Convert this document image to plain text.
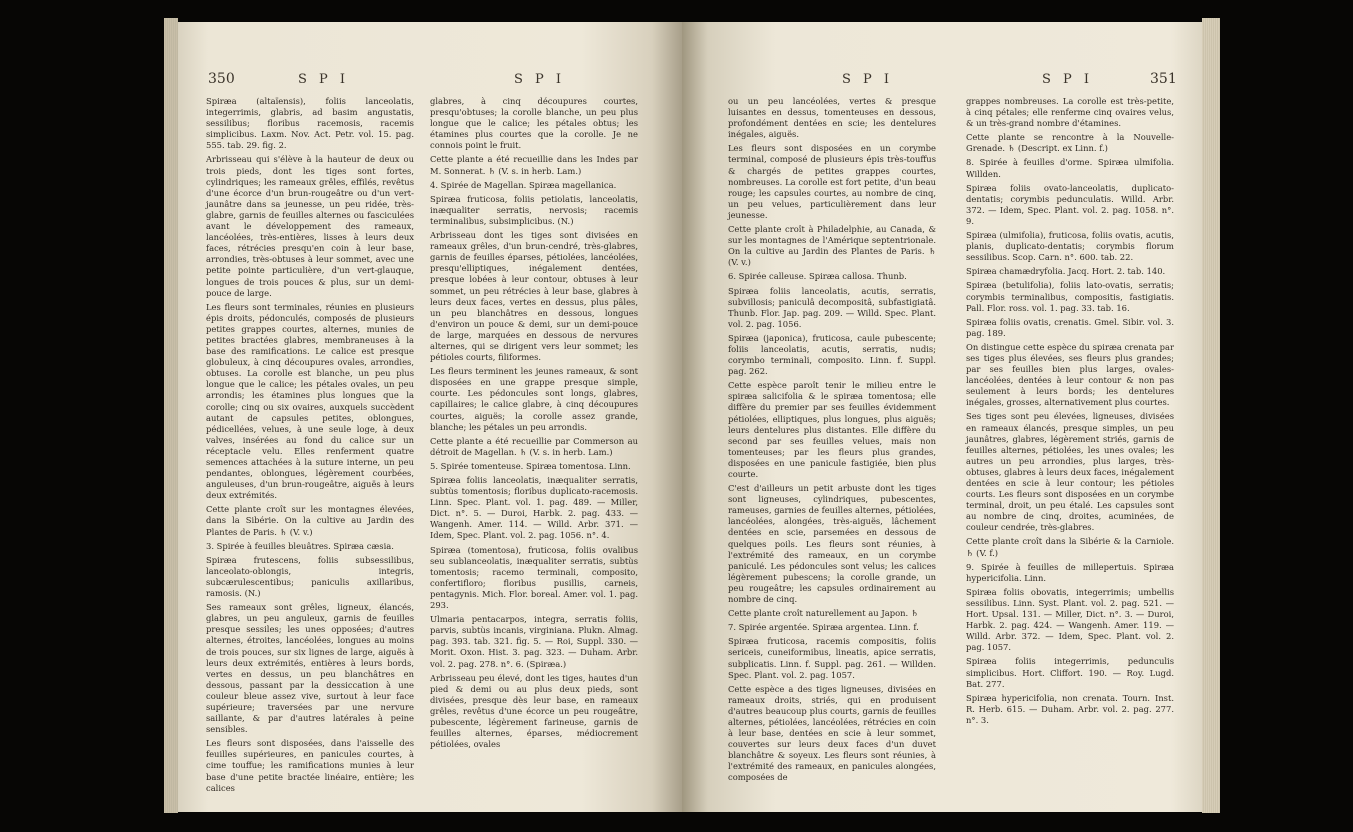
350	S P I	S P I

Spiræa (altaïensis), foliis lanceolatis, integerrimis, glabris, ad basim angustatis, sessilibus; floribus racemosis, racemis simplicibus. Laxm. Nov. Act. Petr. vol. 15. pag. 555. tab. 29. fig. 2.

Arbrisseau qui s'élève à la hauteur de deux ou trois pieds, dont les tiges sont fortes, cylindriques; les rameaux grêles, effilés, revêtus d'une écorce d'un brun-rougeâtre ou d'un vert-jaunâtre dans sa jeunesse, un peu ridée, très-glabre, garnis de feuilles alternes ou fasciculées avant le développement des rameaux, lancéolées, très-entières, lisses à leurs deux faces, rétrécies presqu'en coin à leur base, arrondies, très-obtuses à leur sommet, avec une petite pointe particulière, d'un vert-glauque, longues de trois pouces & plus, sur un demi-pouce de large.

Les fleurs sont terminales, réunies en plusieurs épis droits, pédonculés, composés de plusieurs petites grappes courtes, alternes, munies de petites bractées glabres, membraneuses à la base des ramifications. Le calice est presque globuleux, à cinq découpures ovales, arrondies, obtuses. La corolle est blanche, un peu plus longue que le calice; les pétales ovales, un peu arrondis; les étamines plus longues que la corolle; cinq ou six ovaires, auxquels succèdent autant de capsules petites, oblongues, pédicellées, velues, à une seule loge, à deux valves, insérées au fond du calice sur un réceptacle velu. Elles renferment quatre semences attachées à la suture interne, un peu pendantes, oblongues, légèrement courbées, anguleuses, d'un brun-rougeâtre, aiguës à leurs deux extrémités.

Cette plante croît sur les montagnes élevées, dans la Sibérie. On la cultive au Jardin des Plantes de Paris. ♄ (V. v.)

3. Spirée à feuilles bleuâtres. Spiræa cæsia.

Spiræa frutescens, foliis subsessilibus, lanceolato-oblongis, integris, subcærulescentibus; paniculis axillaribus, ramosis. (N.)

Ses rameaux sont grêles, ligneux, élancés, glabres, un peu anguleux, garnis de feuilles presque sessiles; les unes opposées; d'autres alternes, étroites, lancéolées, longues au moins de trois pouces, sur six lignes de large, aiguës à leurs deux extrémités, entières à leurs bords, vertes en dessus, un peu blanchâtres en dessous, passant par la dessiccation à une couleur bleue assez vive, surtout à leur face supérieure; traversées par une nervure saillante, & par d'autres latérales à peine sensibles.

Les fleurs sont disposées, dans l'aisselle des feuilles supérieures, en panicules courtes, à cime touffue; les ramifications munies à leur base d'une petite bractée linéaire, entière; les calices

glabres, à cinq découpures courtes, presqu'obtuses; la corolle blanche, un peu plus longue que le calice; les pétales obtus; les étamines plus courtes que la corolle. Je ne connois point le fruit.

Cette plante a été recueillie dans les Indes par M. Sonnerat. ♄ (V. s. in herb. Lam.)

4. Spirée de Magellan. Spiræa magellanica.

Spiræa fruticosa, foliis petiolatis, lanceolatis, inæqualiter serratis, nervosis; racemis terminalibus, subsimplicibus. (N.)

Arbrisseau dont les tiges sont divisées en rameaux grêles, d'un brun-cendré, très-glabres, garnis de feuilles éparses, pétiolées, lancéolées, presqu'elliptiques, inégalement dentées, presque lobées à leur contour, obtuses à leur sommet, un peu rétrécies à leur base, glabres à leurs deux faces, vertes en dessus, plus pâles, un peu blanchâtres en dessous, longues d'environ un pouce & demi, sur un demi-pouce de large, marquées en dessous de nervures alternes, qui se dirigent vers leur sommet; les pétioles courts, filiformes.

Les fleurs terminent les jeunes rameaux, & sont disposées en une grappe presque simple, courte. Les pédoncules sont longs, glabres, capillaires; le calice glabre, à cinq découpures courtes, aiguës; la corolle assez grande, blanche; les pétales un peu arrondis.

Cette plante a été recueillie par Commerson au détroit de Magellan. ♄ (V. s. in herb. Lam.)

5. Spirée tomenteuse. Spiræa tomentosa. Linn.

Spiræa foliis lanceolatis, inæqualiter serratis, subtùs tomentosis; floribus duplicato-racemosis. Linn. Spec. Plant. vol. 1. pag. 489. — Miller, Dict. n°. 5. — Duroi, Harbk. 2. pag. 433. — Wangenh. Amer. 114. — Willd. Arbr. 371. — Idem, Spec. Plant. vol. 2. pag. 1056. n°. 4.

Spiræa (tomentosa), fruticosa, foliis ovalibus seu sublanceolatis, inæqualiter serratis, subtùs tomentosis; racemo terminali, composito, confertifloro; floribus pusillis, carneis, pentagynis. Mich. Flor. boreal. Amer. vol. 1. pag. 293.

Ulmaria pentacarpos, integra, serratis foliis, parvis, subtùs incanis, virginiana. Plukn. Almag. pag. 393. tab. 321. fig. 5. — Roi, Suppl. 330. — Morit. Oxon. Hist. 3. pag. 323. — Duham. Arbr. vol. 2. pag. 278. n°. 6. (Spiræa.)

Arbrisseau peu élevé, dont les tiges, hautes d'un pied & demi ou au plus deux pieds, sont divisées, presque dès leur base, en rameaux grêles, revêtus d'une écorce un peu rougeâtre, pubescente, légèrement farineuse, garnis de feuilles alternes, éparses, médiocrement pétiolées, ovales

S P I	S P I	351

ou un peu lancéolées, vertes & presque luisantes en dessus, tomenteuses en dessous, profondément dentées en scie; les dentelures inégales, aiguës.

Les fleurs sont disposées en un corymbe terminal, composé de plusieurs épis très-touffus & chargés de petites grappes courtes, nombreuses. La corolle est fort petite, d'un beau rouge; les capsules courtes, au nombre de cinq, un peu velues, particulièrement dans leur jeunesse.

Cette plante croît à Philadelphie, au Canada, & sur les montagnes de l'Amérique septentrionale. On la cultive au Jardin des Plantes de Paris. ♄ (V. v.)

6. Spirée calleuse. Spiræa callosa. Thunb.

Spiræa foliis lanceolatis, acutis, serratis, subvillosis; paniculâ decompositâ, subfastigiatâ. Thunb. Flor. Jap. pag. 209. — Willd. Spec. Plant. vol. 2. pag. 1056.

Spiræa (japonica), fruticosa, caule pubescente; foliis lanceolatis, acutis, serratis, nudis; corymbo terminali, composito. Linn. f. Suppl. pag. 262.

Cette espèce paroît tenir le milieu entre le spiræa salicifolia & le spiræa tomentosa; elle diffère du premier par ses feuilles évidemment pétiolées, elliptiques, plus longues, plus aiguës; leurs dentelures plus distantes. Elle diffère du second par ses feuilles velues, mais non tomenteuses; par les fleurs plus grandes, disposées en une panicule fastigiée, bien plus courte.

C'est d'ailleurs un petit arbuste dont les tiges sont ligneuses, cylindriques, pubescentes, rameuses, garnies de feuilles alternes, pétiolées, lancéolées, alongées, très-aiguës, lâchement dentées en scie, parsemées en dessous de quelques poils. Les fleurs sont réunies, à l'extrémité des rameaux, en un corymbe paniculé. Les pédoncules sont velus; les calices légèrement pubescens; la corolle grande, un peu rougeâtre; les capsules ordinairement au nombre de cinq.

Cette plante croît naturellement au Japon. ♄

7. Spirée argentée. Spiræa argentea. Linn. f.

Spiræa fruticosa, racemis compositis, foliis sericeis, cuneiformibus, lineatis, apice serratis, subplicatis. Linn. f. Suppl. pag. 261. — Willden. Spec. Plant. vol. 2. pag. 1057.

Cette espèce a des tiges ligneuses, divisées en rameaux droits, striés, qui en produisent d'autres beaucoup plus courts, garnis de feuilles alternes, pétiolées, lancéolées, rétrécies en coin à leur base, dentées en scie à leur sommet, couvertes sur leurs deux faces d'un duvet blanchâtre & soyeux. Les fleurs sont réunies, à l'extrémité des rameaux, en panicules alongées, composées de

grappes nombreuses. La corolle est très-petite, à cinq pétales; elle renferme cinq ovaires velus, & un très-grand nombre d'étamines.

Cette plante se rencontre à la Nouvelle-Grenade. ♄ (Descript. ex Linn. f.)

8. Spirée à feuilles d'orme. Spiræa ulmifolia. Willden.

Spiræa foliis ovato-lanceolatis, duplicato-dentatis; corymbis pedunculatis. Willd. Arbr. 372. — Idem, Spec. Plant. vol. 2. pag. 1058. n°. 9.

Spiræa (ulmifolia), fruticosa, foliis ovatis, acutis, planis, duplicato-dentatis; corymbis florum sessilibus. Scop. Carn. n°. 600. tab. 22.

Spiræa chamædryfolia. Jacq. Hort. 2. tab. 140.

Spiræa (betulifolia), foliis lato-ovatis, serratis; corymbis terminalibus, compositis, fastigiatis. Pall. Flor. ross. vol. 1. pag. 33. tab. 16.

Spiræa foliis ovatis, crenatis. Gmel. Sibir. vol. 3. pag. 189.

On distingue cette espèce du spiræa crenata par ses tiges plus élevées, ses fleurs plus grandes; par ses feuilles bien plus larges, ovales-lancéolées, dentées à leur contour & non pas seulement à leurs bords; les dentelures inégales, grosses, alternativement plus courtes.

Ses tiges sont peu élevées, ligneuses, divisées en rameaux élancés, presque simples, un peu jaunâtres, glabres, légèrement striés, garnis de feuilles alternes, pétiolées, les unes ovales; les autres un peu arrondies, plus larges, très-obtuses, glabres à leurs deux faces, inégalement dentées en scie à leur contour; les pétioles courts. Les fleurs sont disposées en un corymbe terminal, droit, un peu étalé. Les capsules sont au nombre de cinq, droites, acuminées, de couleur cendrée, très-glabres.

Cette plante croît dans la Sibérie & la Carniole. ♄ (V. f.)

9. Spirée à feuilles de millepertuis. Spiræa hypericifolia. Linn.

Spiræa foliis obovatis, integerrimis; umbellis sessilibus. Linn. Syst. Plant. vol. 2. pag. 521. — Hort. Upsal. 131. — Miller, Dict. n°. 3. — Duroi, Harbk. 2. pag. 424. — Wangenh. Amer. 119. — Willd. Arbr. 372. — Idem, Spec. Plant. vol. 2. pag. 1057.

Spiræa foliis integerrimis, pedunculis simplicibus. Hort. Cliffort. 190. — Roy. Lugd. Bat. 277.

Spiræa hypericifolia, non crenata. Tourn. Inst. R. Herb. 615. — Duham. Arbr. vol. 2. pag. 277. n°. 3.
